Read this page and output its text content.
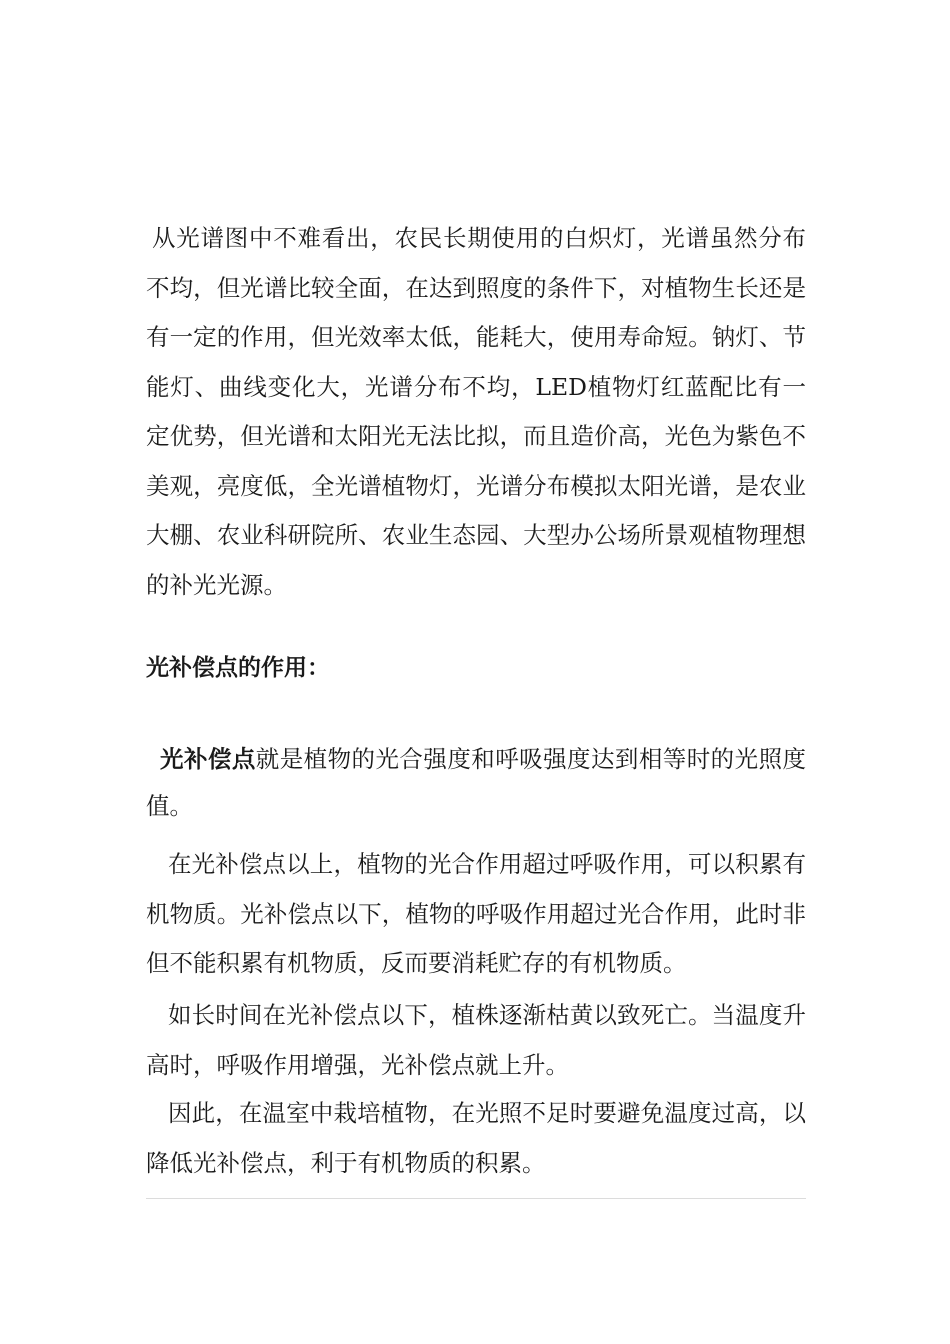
从光谱图中不难看出，农民长期使用的白炽灯，光谱虽然分布不均，但光谱比较全面，在达到照度的条件下，对植物生长还是有一定的作用，但光效率太低，能耗大，使用寿命短。钠灯、节能灯、曲线变化大，光谱分布不均，LED植物灯红蓝配比有一定优势，但光谱和太阳光无法比拟，而且造价高，光色为紫色不美观，亮度低，全光谱植物灯，光谱分布模拟太阳光谱，是农业大棚、农业科研院所、农业生态园、大型办公场所景观植物理想的补光光源。

光补偿点的作用：

光补偿点就是植物的光合强度和呼吸强度达到相等时的光照度值。

在光补偿点以上，植物的光合作用超过呼吸作用，可以积累有机物质。光补偿点以下，植物的呼吸作用超过光合作用，此时非但不能积累有机物质，反而要消耗贮存的有机物质。

如长时间在光补偿点以下，植株逐渐枯黄以致死亡。当温度升高时，呼吸作用增强，光补偿点就上升。

因此，在温室中栽培植物，在光照不足时要避免温度过高，以降低光补偿点，利于有机物质的积累。
